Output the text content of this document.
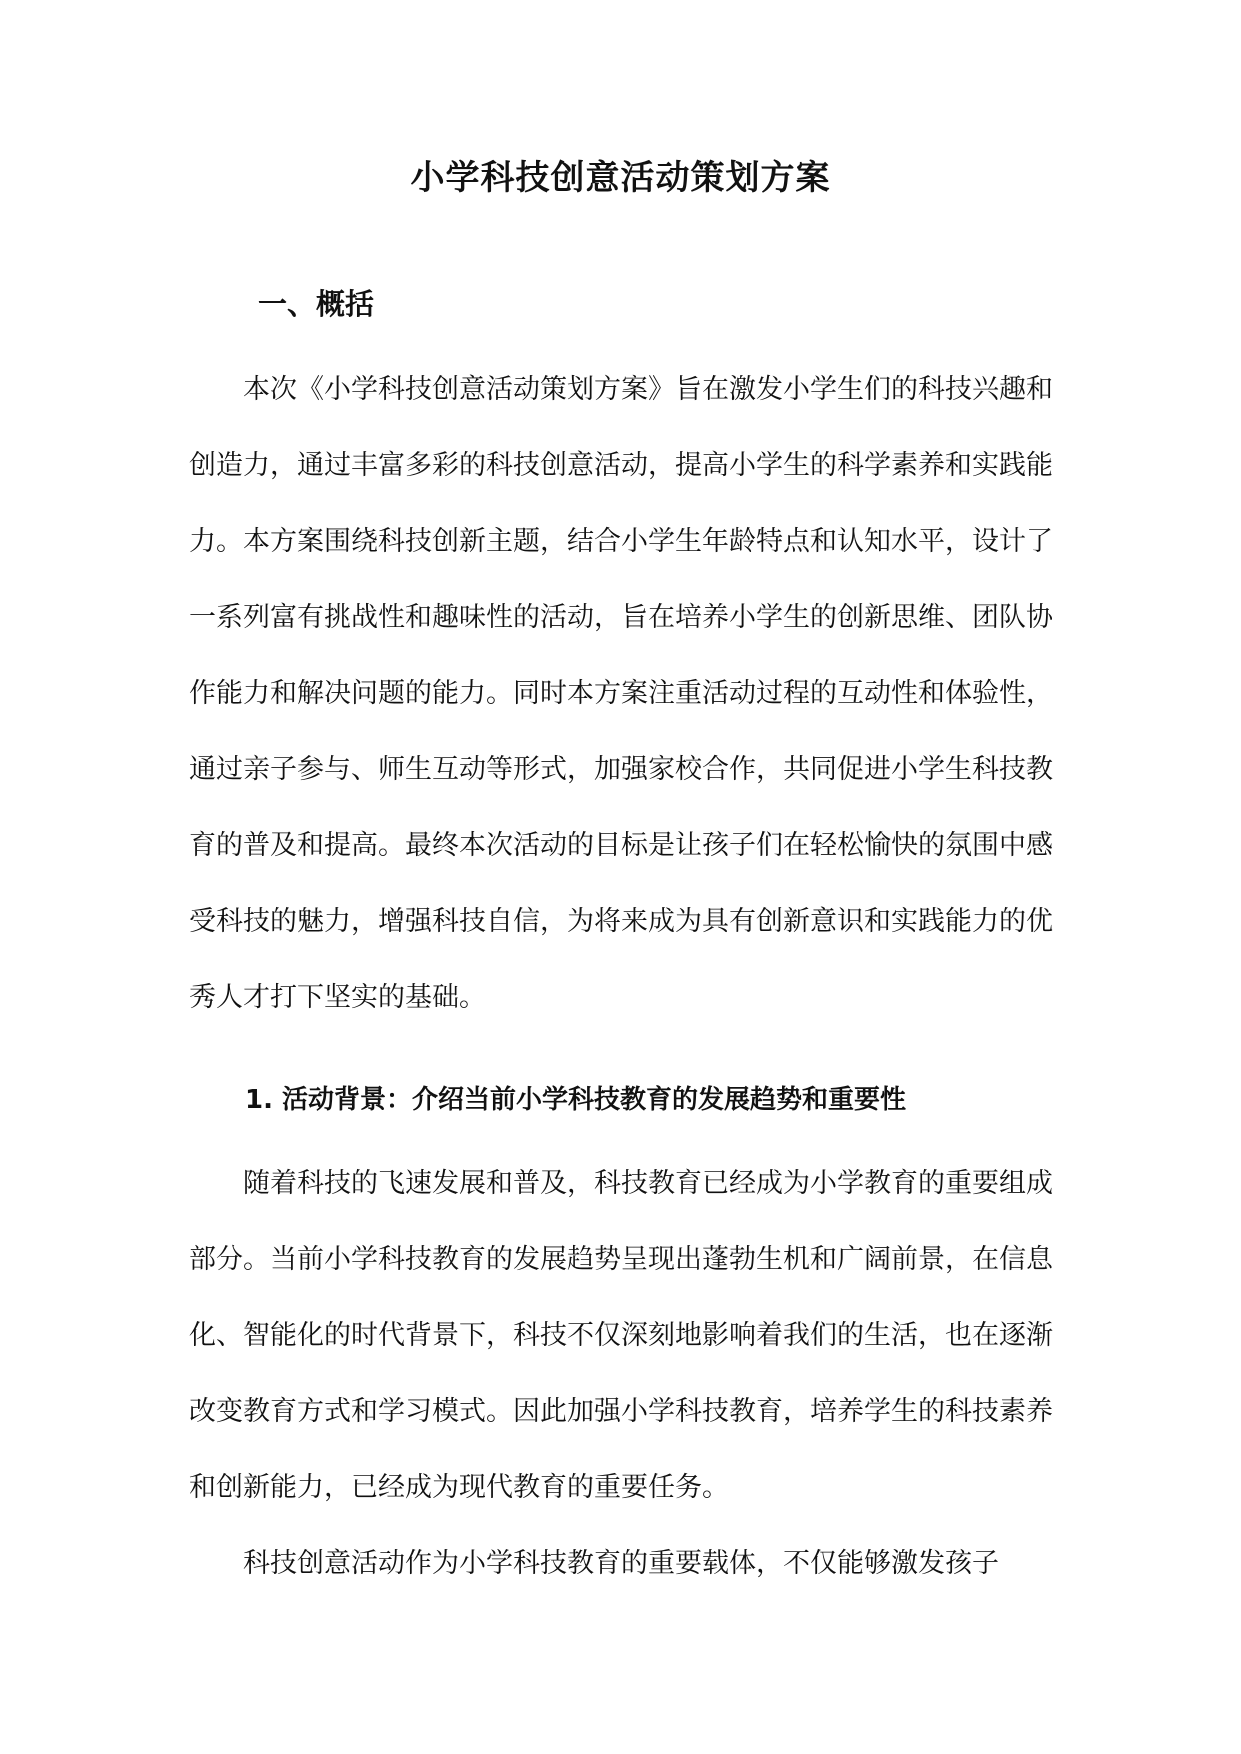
小学科技创意活动策划方案
一、概括

本次《小学科技创意活动策划方案》旨在激发小学生们的科技兴趣和创造力，通过丰富多彩的科技创意活动，提高小学生的科学素养和实践能力。本方案围绕科技创新主题，结合小学生年龄特点和认知水平，设计了一系列富有挑战性和趣味性的活动，旨在培养小学生的创新思维、团队协作能力和解决问题的能力。同时本方案注重活动过程的互动性和体验性，通过亲子参与、师生互动等形式，加强家校合作，共同促进小学生科技教育的普及和提高。最终本次活动的目标是让孩子们在轻松愉快的氛围中感受科技的魅力，增强科技自信，为将来成为具有创新意识和实践能力的优秀人才打下坚实的基础。

1. 活动背景：介绍当前小学科技教育的发展趋势和重要性

随着科技的飞速发展和普及，科技教育已经成为小学教育的重要组成部分。当前小学科技教育的发展趋势呈现出蓬勃生机和广阔前景，在信息化、智能化的时代背景下，科技不仅深刻地影响着我们的生活，也在逐渐改变教育方式和学习模式。因此加强小学科技教育，培养学生的科技素养和创新能力，已经成为现代教育的重要任务。

科技创意活动作为小学科技教育的重要载体，不仅能够激发孩子
